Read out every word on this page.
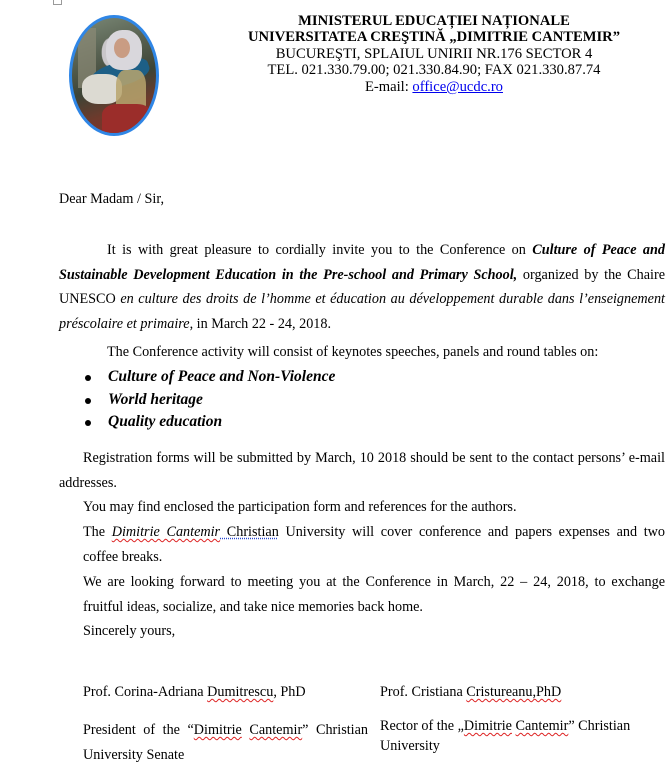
MINISTERUL EDUCAȚIEI NAȚIONALE
UNIVERSITATEA CREŞTINĂ „DIMITRIE CANTEMIR”
BUCUREŞTI, SPLAIUL UNIRII NR.176 SECTOR 4
TEL. 021.330.79.00; 021.330.84.90; FAX 021.330.87.74
E-mail: office@ucdc.ro

Dear Madam / Sir,

It is with great pleasure to cordially invite you to the Conference on Culture of Peace and Sustainable Development Education in the Pre-school and Primary School, organized by the Chaire UNESCO en culture des droits de l’homme et éducation au développement durable dans l’enseignement préscolaire et primaire, in March 22 - 24, 2018.

The Conference activity will consist of keynotes speeches, panels and round tables on:

Culture of Peace and Non-Violence
World heritage
Quality education

Registration forms will be submitted by March, 10 2018 should be sent to the contact persons’ e-mail addresses.

You may find enclosed the participation form and references for the authors.

The Dimitrie Cantemir Christian University will cover conference and papers expenses and two coffee breaks.

We are looking forward to meeting you at the Conference in March, 22 – 24, 2018, to exchange fruitful ideas, socialize, and take nice memories back home.

Sincerely yours,

Prof. Corina-Adriana Dumitrescu, PhD	Prof. Cristiana Cristureanu,PhD

President of the “Dimitrie Cantemir” Christian University Senate

Rector of the „Dimitrie Cantemir” Christian University
